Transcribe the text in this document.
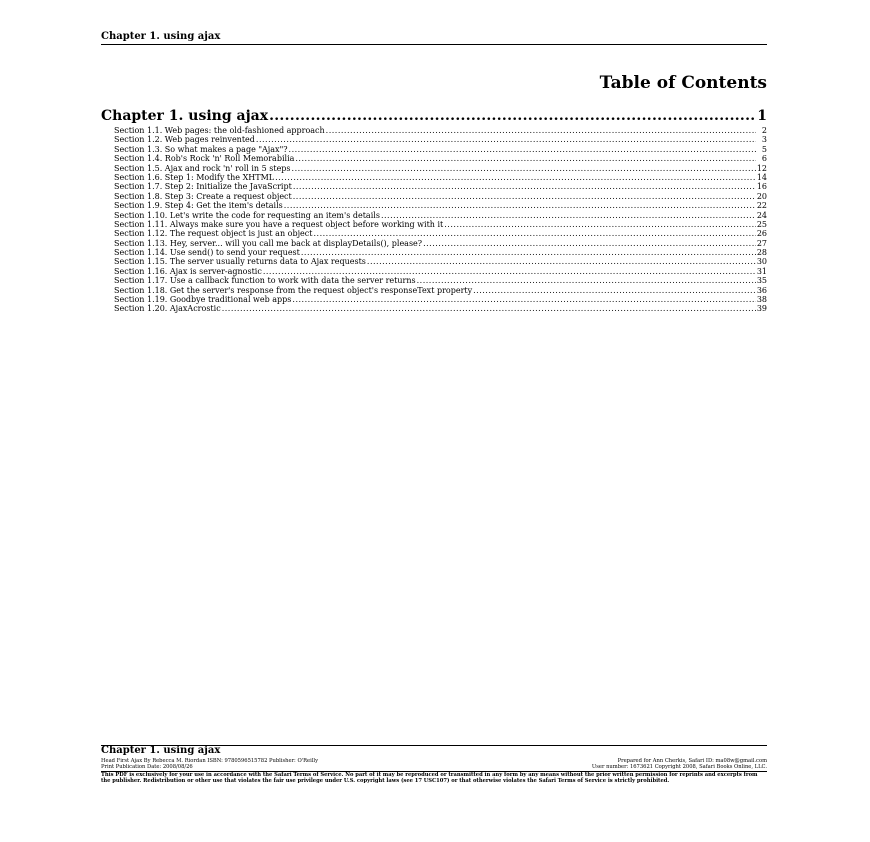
Chapter 1. using ajax
Table of Contents
Chapter 1. using ajax .....	1
Section 1.1. Web pages: the old-fashioned approach .....	2
Section 1.2. Web pages reinvented .....	3
Section 1.3. So what makes a page "Ajax"? .....	5
Section 1.4. Rob's Rock 'n' Roll Memorabilia .....	6
Section 1.5. Ajax and rock 'n' roll in 5 steps .....	12
Section 1.6. Step 1: Modify the XHTML .....	14
Section 1.7. Step 2: Initialize the JavaScript .....	16
Section 1.8. Step 3: Create a request object .....	20
Section 1.9. Step 4: Get the item's details .....	22
Section 1.10. Let's write the code for requesting an item's details .....	24
Section 1.11. Always make sure you have a request object before working with it .....	25
Section 1.12. The request object is just an object .....	26
Section 1.13. Hey, server... will you call me back at displayDetails(), please? .....	27
Section 1.14. Use send() to send your request .....	28
Section 1.15. The server usually returns data to Ajax requests .....	30
Section 1.16. Ajax is server-agnostic .....	31
Section 1.17. Use a callback function to work with data the server returns .....	35
Section 1.18. Get the server's response from the request object's responseText property .....	36
Section 1.19. Goodbye traditional web apps .....	38
Section 1.20. AjaxAcrostic .....	39
Chapter 1. using ajax
Head First Ajax By Rebecca M. Riordan ISBN: 9780596515782 Publisher: O'Reilly	Prepared for Ann Cherkis, Safari ID: ma08w@gmail.com
Print Publication Date: 2008/08/26	User number: 1673621 Copyright 2008, Safari Books Online, LLC.
This PDF is exclusively for your use in accordance with the Safari Terms of Service. No part of it may be reproduced or transmitted in any form by any means without the prior written permission for reprints and excerpts from the publisher. Redistribution or other use that violates the fair use privilege under U.S. copyright laws (see 17 USC107) or that otherwise violates the Safari Terms of Service is strictly prohibited.
